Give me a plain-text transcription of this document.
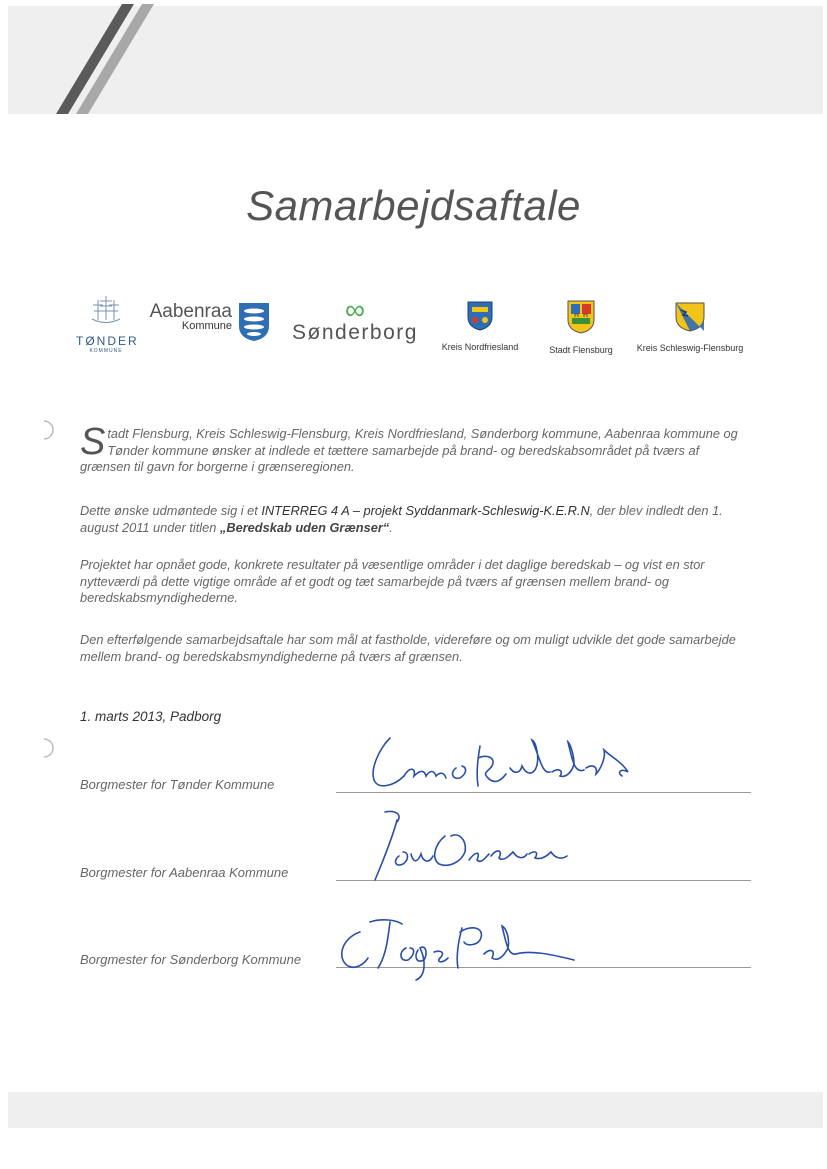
Samarbejdsaftale
TØNDER
KOMMUNE
Aabenraa
Kommune
∞
Sønderborg
Kreis Nordfriesland	Stadt Flensburg	Kreis Schleswig-Flensburg
Stadt Flensburg, Kreis Schleswig-Flensburg, Kreis Nordfriesland, Sønderborg kommune, Aabenraa kommune og Tønder kommune ønsker at indlede et tættere samarbejde på brand- og beredskabsområdet på tværs af grænsen til gavn for borgerne i grænseregionen.
Dette ønske udmøntede sig i et INTERREG 4 A – projekt Syddanmark-Schleswig-K.E.R.N, der blev indledt den 1. august 2011 under titlen „Beredskab uden Grænser“.
Projektet har opnået gode, konkrete resultater på væsentlige områder i det daglige beredskab – og vist en stor nytteværdi på dette vigtige område af et godt og tæt samarbejde på tværs af grænsen mellem brand- og beredskabsmyndighederne.
Den efterfølgende samarbejdsaftale har som mål at fastholde, videreføre og om muligt udvikle det gode samarbejde mellem brand- og beredskabsmyndighederne på tværs af grænsen.
1. marts 2013, Padborg
Borgmester for Tønder Kommune
Borgmester for Aabenraa Kommune
Borgmester for Sønderborg Kommune
